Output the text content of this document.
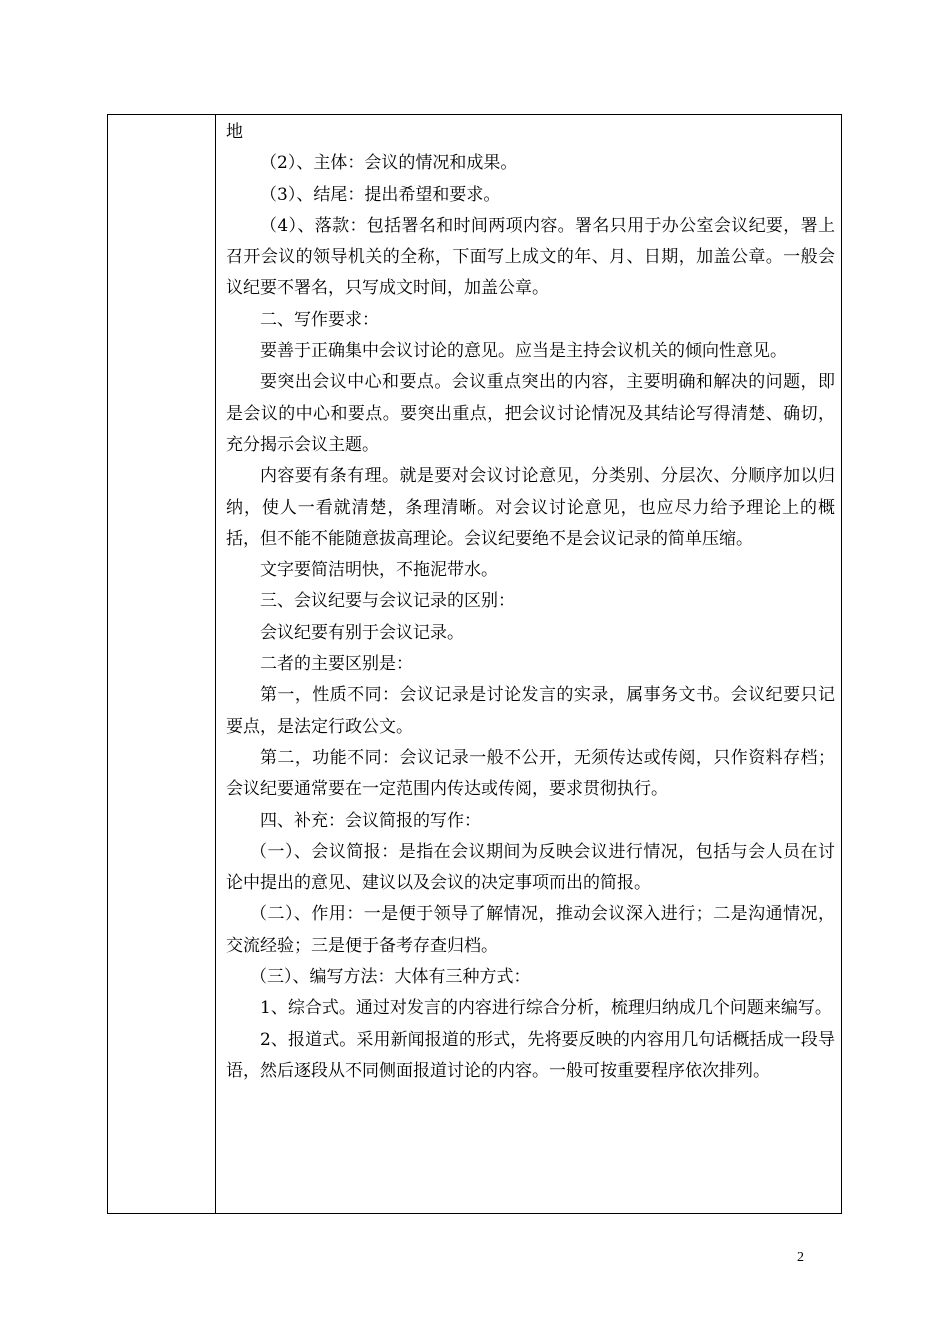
地

（2）、主体：会议的情况和成果。

（3）、结尾：提出希望和要求。

（4）、落款：包括署名和时间两项内容。署名只用于办公室会议纪要，署上召开会议的领导机关的全称，下面写上成文的年、月、日期，加盖公章。一般会议纪要不署名，只写成文时间，加盖公章。

二、写作要求：

要善于正确集中会议讨论的意见。应当是主持会议机关的倾向性意见。

要突出会议中心和要点。会议重点突出的内容，主要明确和解决的问题，即是会议的中心和要点。要突出重点，把会议讨论情况及其结论写得清楚、确切，充分揭示会议主题。

内容要有条有理。就是要对会议讨论意见，分类别、分层次、分顺序加以归纳，使人一看就清楚，条理清晰。对会议讨论意见，也应尽力给予理论上的概括，但不能不能随意拔高理论。会议纪要绝不是会议记录的简单压缩。

文字要简洁明快，不拖泥带水。

三、会议纪要与会议记录的区别：

会议纪要有别于会议记录。

二者的主要区别是：

第一，性质不同：会议记录是讨论发言的实录，属事务文书。会议纪要只记要点，是法定行政公文。

第二，功能不同：会议记录一般不公开，无须传达或传阅，只作资料存档；会议纪要通常要在一定范围内传达或传阅，要求贯彻执行。

四、补充：会议简报的写作：

（一）、会议简报：是指在会议期间为反映会议进行情况，包括与会人员在讨论中提出的意见、建议以及会议的决定事项而出的简报。

（二）、作用：一是便于领导了解情况，推动会议深入进行；二是沟通情况，交流经验；三是便于备考存查归档。

（三）、编写方法：大体有三种方式：

1、综合式。通过对发言的内容进行综合分析，梳理归纳成几个问题来编写。

2、报道式。采用新闻报道的形式，先将要反映的内容用几句话概括成一段导语，然后逐段从不同侧面报道讨论的内容。一般可按重要程序依次排列。

2
